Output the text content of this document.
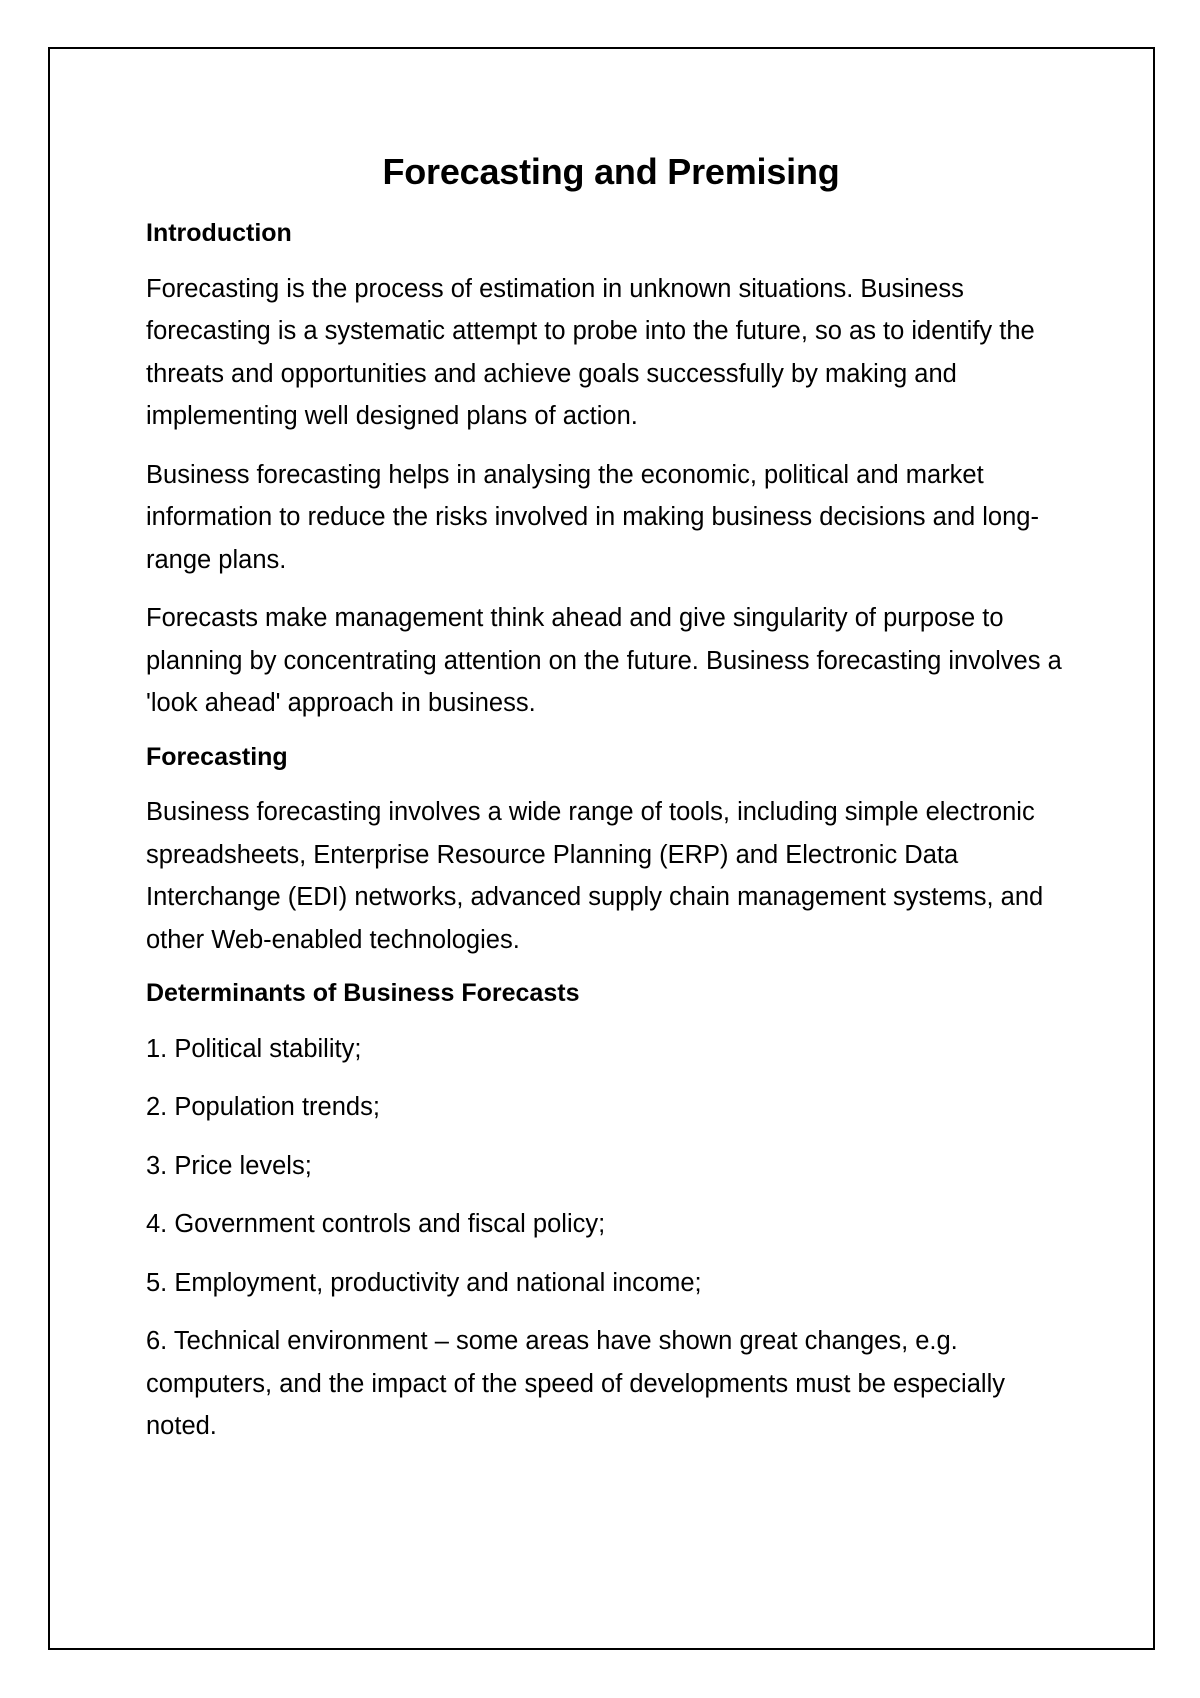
Forecasting and Premising
Introduction

Forecasting is the process of estimation in unknown situations. Business forecasting is a systematic attempt to probe into the future, so as to identify the threats and opportunities and achieve goals successfully by making and implementing well designed plans of action.

Business forecasting helps in analysing the economic, political and market information to reduce the risks involved in making business decisions and long-range plans.

Forecasts make management think ahead and give singularity of purpose to planning by concentrating attention on the future. Business forecasting involves a 'look ahead' approach in business.

Forecasting

Business forecasting involves a wide range of tools, including simple electronic spreadsheets, Enterprise Resource Planning (ERP) and Electronic Data Interchange (EDI) networks, advanced supply chain management systems, and other Web-enabled technologies.

Determinants of Business Forecasts
1. Political stability;
2. Population trends;
3. Price levels;
4. Government controls and fiscal policy;
5. Employment, productivity and national income;
6. Technical environment – some areas have shown great changes, e.g. computers, and the impact of the speed of developments must be especially noted.
